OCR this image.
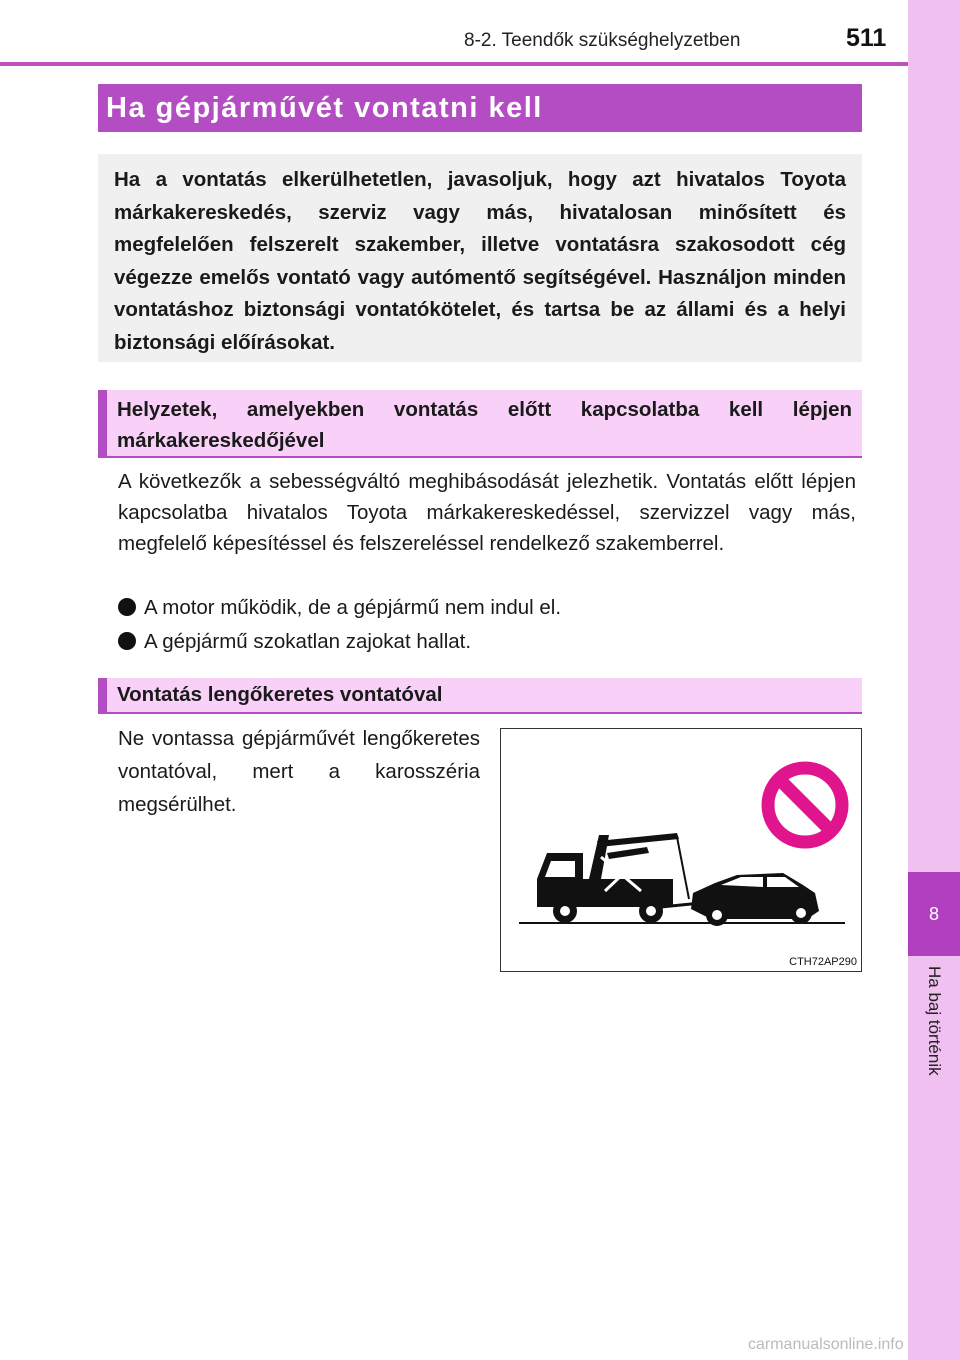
8
Ha baj történik
8-2. Teendők szükséghelyzetben	511
Ha gépjárművét vontatni kell
Ha a vontatás elkerülhetetlen, javasoljuk, hogy azt hivatalos Toyota márkakereskedés, szerviz vagy más, hivatalosan minősített és megfelelően felszerelt szakember, illetve vontatásra szakosodott cég végezze emelős vontató vagy autómentő segítségével. Használjon minden vontatáshoz biztonsági vontatókötelet, és tartsa be az állami és a helyi biztonsági előírásokat.
Helyzetek, amelyekben vontatás előtt kapcsolatba kell lépjen márkakereskedőjével
A következők a sebességváltó meghibásodását jelezhetik. Vontatás előtt lépjen kapcsolatba hivatalos Toyota márkakereskedéssel, szervizzel vagy más, megfelelő képesítéssel és felszereléssel rendelkező szakemberrel.
A motor működik, de a gépjármű nem indul el.
A gépjármű szokatlan zajokat hallat.
Vontatás lengőkeretes vontatóval
Ne vontassa gépjárművét lengőkeretes vontatóval, mert a karosszéria megsérülhet.
CTH72AP290
carmanualsonline.info
